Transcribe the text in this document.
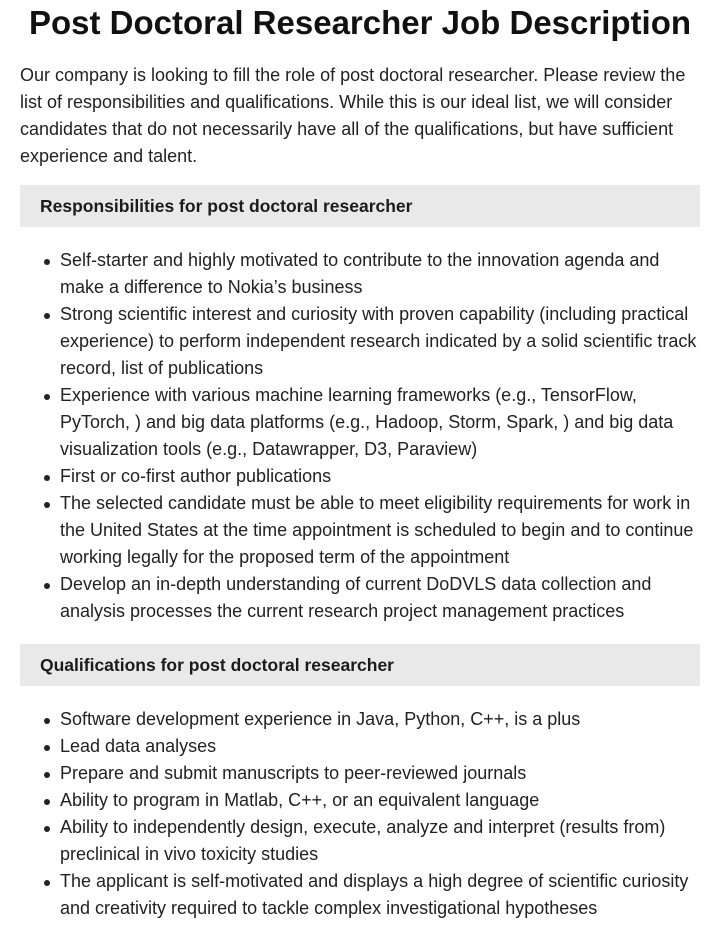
Post Doctoral Researcher Job Description

Our company is looking to fill the role of post doctoral researcher. Please review the list of responsibilities and qualifications. While this is our ideal list, we will consider candidates that do not necessarily have all of the qualifications, but have sufficient experience and talent.

Responsibilities for post doctoral researcher
Self-starter and highly motivated to contribute to the innovation agenda and make a difference to Nokia’s business
Strong scientific interest and curiosity with proven capability (including practical experience) to perform independent research indicated by a solid scientific track record, list of publications
Experience with various machine learning frameworks (e.g., TensorFlow, PyTorch, ) and big data platforms (e.g., Hadoop, Storm, Spark, ) and big data visualization tools (e.g., Datawrapper, D3, Paraview)
First or co-first author publications
The selected candidate must be able to meet eligibility requirements for work in the United States at the time appointment is scheduled to begin and to continue working legally for the proposed term of the appointment
Develop an in-depth understanding of current DoDVLS data collection and analysis processes the current research project management practices
Qualifications for post doctoral researcher
Software development experience in Java, Python, C++, is a plus
Lead data analyses
Prepare and submit manuscripts to peer-reviewed journals
Ability to program in Matlab, C++, or an equivalent language
Ability to independently design, execute, analyze and interpret (results from) preclinical in vivo toxicity studies
The applicant is self-motivated and displays a high degree of scientific curiosity and creativity required to tackle complex investigational hypotheses
